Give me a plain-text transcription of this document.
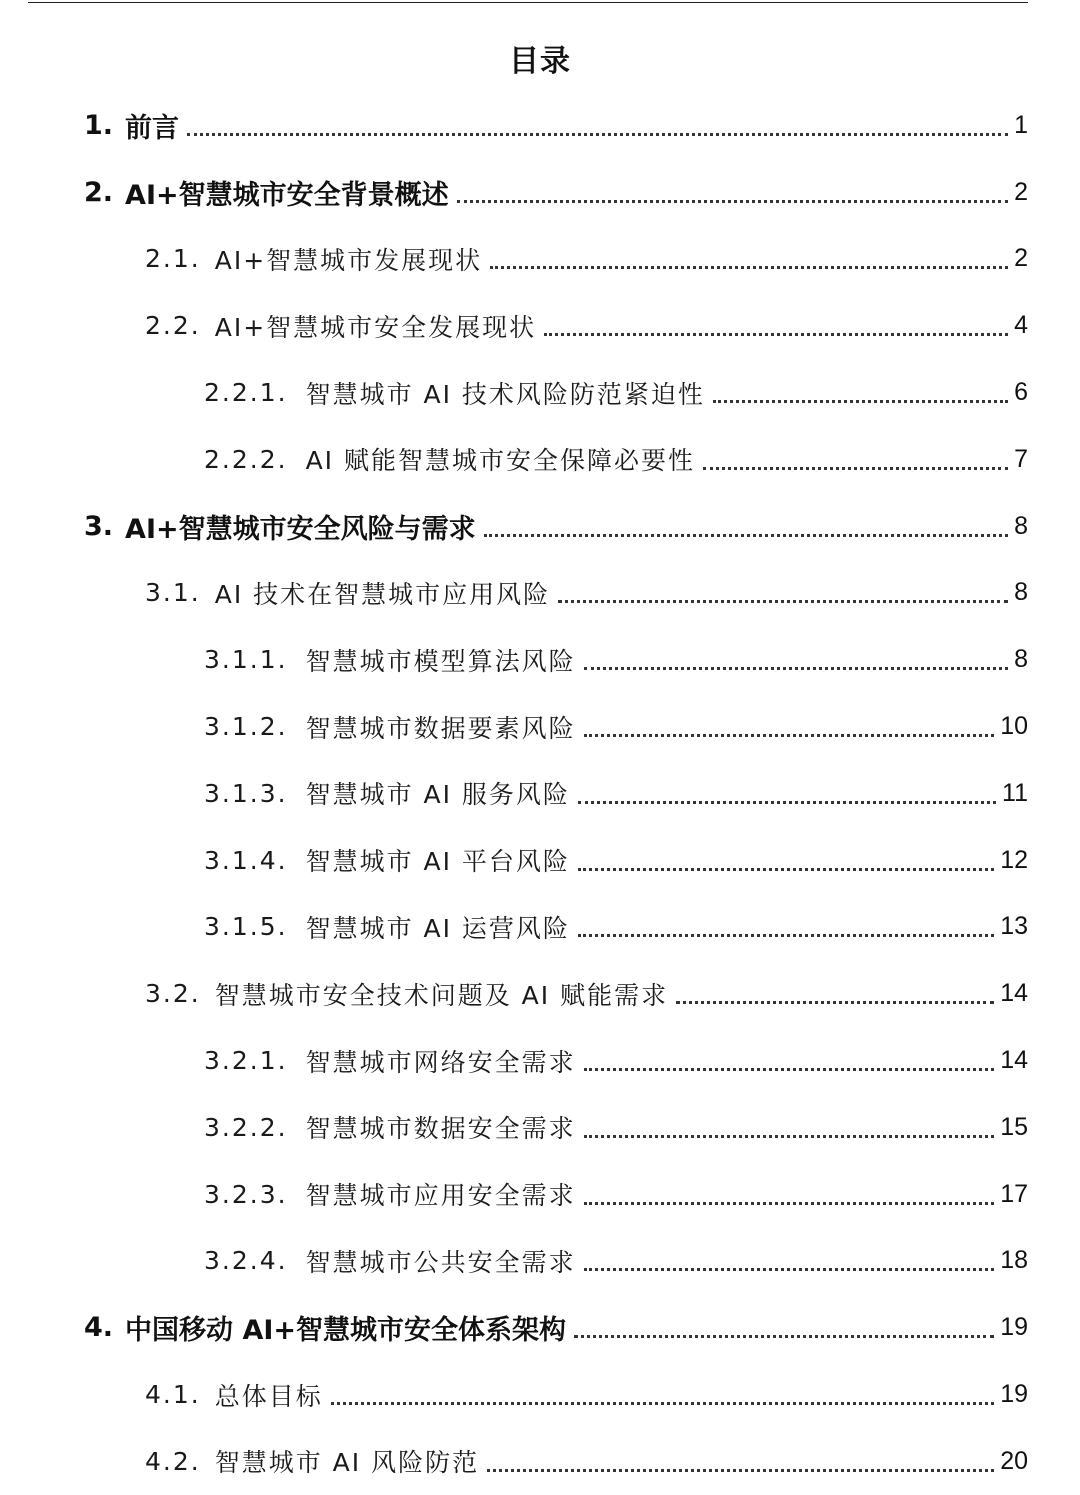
目录
1. 前言	1
2. AI+智慧城市安全背景概述	2
2.1. AI+智慧城市发展现状	2
2.2. AI+智慧城市安全发展现状	4
2.2.1. 智慧城市 AI 技术风险防范紧迫性	6
2.2.2. AI 赋能智慧城市安全保障必要性	7
3. AI+智慧城市安全风险与需求	8
3.1. AI 技术在智慧城市应用风险	8
3.1.1. 智慧城市模型算法风险	8
3.1.2. 智慧城市数据要素风险	10
3.1.3. 智慧城市 AI 服务风险	11
3.1.4. 智慧城市 AI 平台风险	12
3.1.5. 智慧城市 AI 运营风险	13
3.2. 智慧城市安全技术问题及 AI 赋能需求	14
3.2.1. 智慧城市网络安全需求	14
3.2.2. 智慧城市数据安全需求	15
3.2.3. 智慧城市应用安全需求	17
3.2.4. 智慧城市公共安全需求	18
4. 中国移动 AI+智慧城市安全体系架构	19
4.1. 总体目标	19
4.2. 智慧城市 AI 风险防范	20
